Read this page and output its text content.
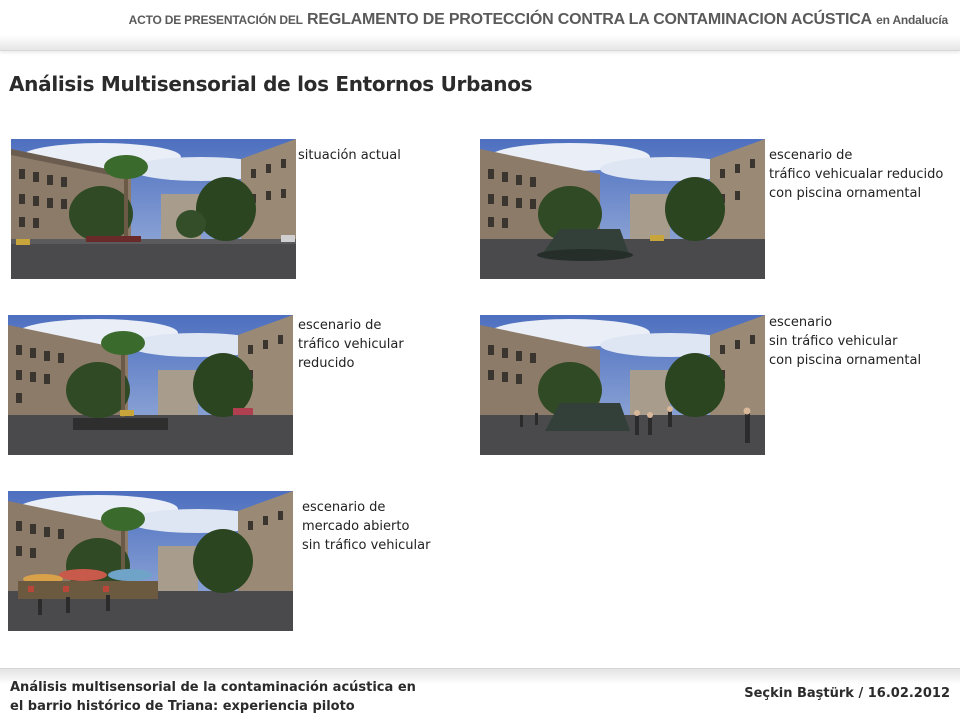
ACTO DE PRESENTACIÓN DEL REGLAMENTO DE PROTECCIÓN CONTRA LA CONTAMINACION ACÚSTICA en Andalucía
Análisis Multisensorial de los Entornos Urbanos
situación actual	escenario de
tráfico vehicualar reducido
con piscina ornamental
escenario de
tráfico vehicular
reducido
escenario
sin tráfico vehicular
con piscina ornamental
escenario de
mercado abierto
sin tráfico vehicular
Análisis multisensorial de la contaminación acústica en
el barrio histórico de Triana: experiencia piloto
Seçkin Baştürk / 16.02.2012
